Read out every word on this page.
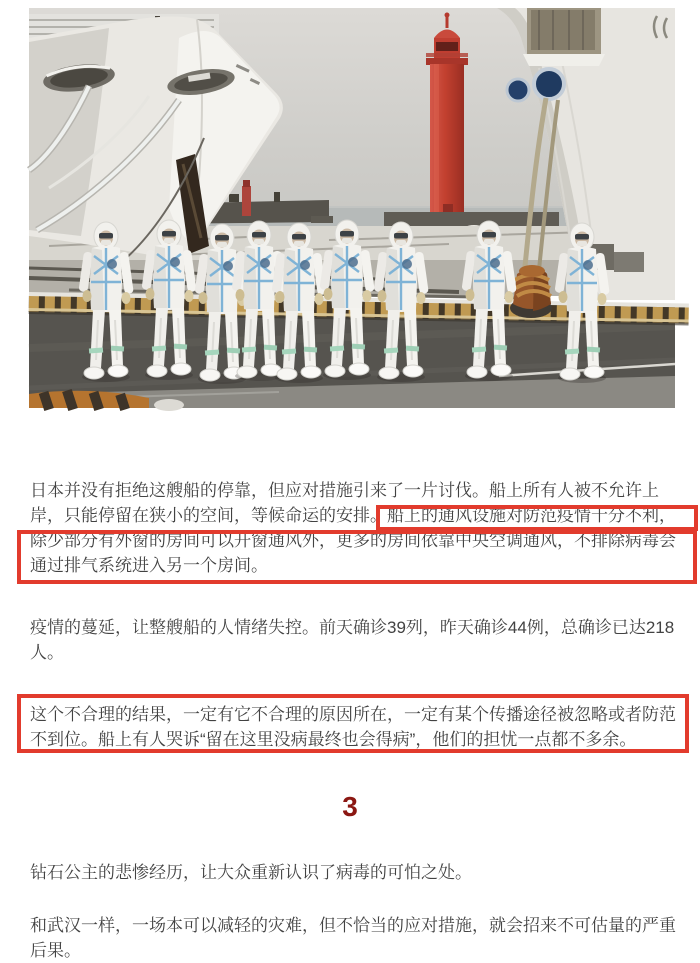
日本并没有拒绝这艘船的停靠，但应对措施引来了一片讨伐。船上所有人被不允许上
岸，只能停留在狭小的空间，等候命运的安排。船上的通风设施对防范疫情十分不利，
除少部分有外窗的房间可以开窗通风外，更多的房间依靠中央空调通风，不排除病毒会
通过排气系统进入另一个房间。
疫情的蔓延，让整艘船的人情绪失控。前天确诊39列，昨天确诊44例，总确诊已达218
人。
这个不合理的结果，一定有它不合理的原因所在，一定有某个传播途径被忽略或者防范
不到位。船上有人哭诉“留在这里没病最终也会得病”，他们的担忧一点都不多余。
3
钻石公主的悲惨经历，让大众重新认识了病毒的可怕之处。
和武汉一样，一场本可以减轻的灾难，但不恰当的应对措施，就会招来不可估量的严重
后果。
